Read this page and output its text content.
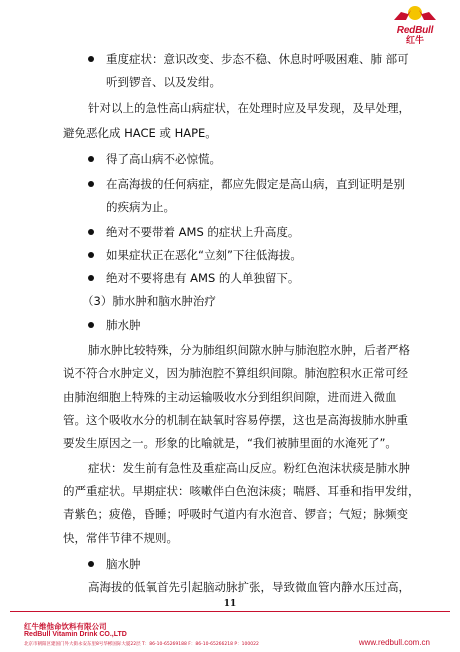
RedBull
红牛
重度症状：意识改变、步态不稳、休息时呼吸困难、肺 部可
听到锣音、以及发绀。
针对以上的急性高山病症状，在处理时应及早发现，及早处理，
避免恶化成 HACE 或 HAPE。
得了高山病不必惊慌。
在高海拔的任何病症，都应先假定是高山病，直到证明是别
的疾病为止。
绝对不要带着 AMS 的症状上升高度。
如果症状正在恶化“立刻”下往低海拔。
绝对不要将患有 AMS 的人单独留下。
（3）肺水肿和脑水肿治疗
肺水肿
肺水肿比较特殊，分为肺组织间隙水肿与肺泡腔水肿，后者严格
说不符合水肿定义，因为肺泡腔不算组织间隙。肺泡腔积水正常可经
由肺泡细胞上特殊的主动运输吸收水分到组织间隙，进而进入微血
管。这个吸收水分的机制在缺氧时容易停摆，这也是高海拔肺水肿重
要发生原因之一。形象的比喻就是，“我们被肺里面的水淹死了”。
症状：发生前有急性及重症高山反应。粉红色泡沫状痰是肺水肿
的严重症状。早期症状：咳嗽伴白色泡沫痰；喘唇、耳垂和指甲发绀，
青紫色；疲倦，昏睡；呼吸时气道内有水泡音、锣音；气短；脉频变
快，常伴节律不规则。
脑水肿
高海拔的低氧首先引起脑动脉扩张，导致微血管内静水压过高，
11
红牛维他命饮料有限公司
RedBull Vitamin Drink CO.,LTD
北京市朝阳区建国门外大街永安东里8号华彬国际大厦22层 T：86-10-65269188 F：86-10-65266218 P：100022	www.redbull.com.cn
